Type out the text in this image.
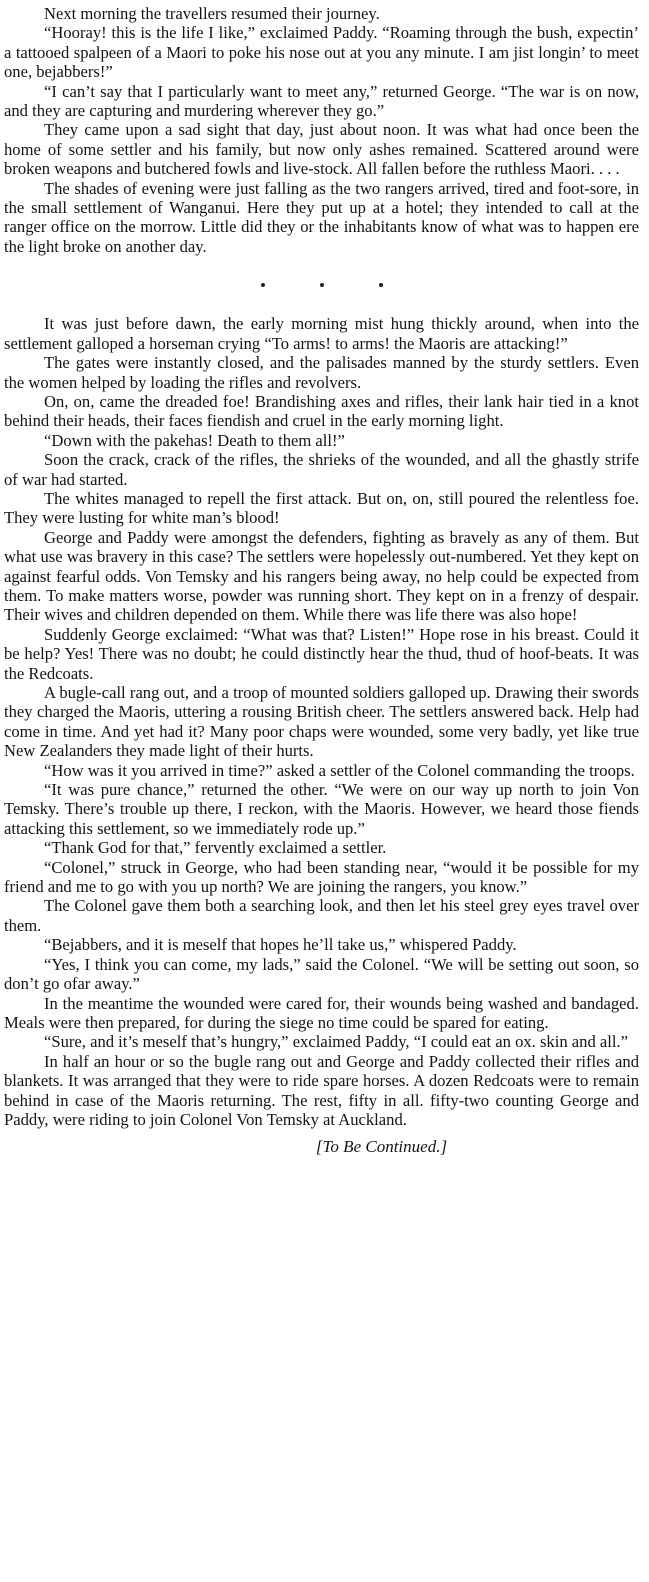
Next morning the travellers resumed their journey.

“Hooray! this is the life I like,” exclaimed Paddy. “Roaming through the bush, expectin’ a tattooed spalpeen of a Maori to poke his nose out at you any minute. I am jist longin’ to meet one, bejabbers!”

“I can’t say that I particularly want to meet any,” returned George. “The war is on now, and they are capturing and murdering wherever they go.”

They came upon a sad sight that day, just about noon. It was what had once been the home of some settler and his family, but now only ashes remained. Scattered around were broken weapons and butchered fowls and live-stock. All fallen before the ruthless Maori. . . .

The shades of evening were just falling as the two rangers arrived, tired and foot-sore, in the small settlement of Wanganui. Here they put up at a hotel; they intended to call at the ranger office on the morrow. Little did they or the inhabitants know of what was to happen ere the light broke on another day.

It was just before dawn, the early morning mist hung thickly around, when into the settlement galloped a horseman crying “To arms! to arms! the Maoris are attacking!”

The gates were instantly closed, and the palisades manned by the sturdy settlers. Even the women helped by loading the rifles and revolvers.

On, on, came the dreaded foe! Brandishing axes and rifles, their lank hair tied in a knot behind their heads, their faces fiendish and cruel in the early morning light.

“Down with the pakehas! Death to them all!”

Soon the crack, crack of the rifles, the shrieks of the wounded, and all the ghastly strife of war had started.

The whites managed to repell the first attack. But on, on, still poured the relentless foe. They were lusting for white man’s blood!

George and Paddy were amongst the defenders, fighting as bravely as any of them. But what use was bravery in this case? The settlers were hopelessly out-numbered. Yet they kept on against fearful odds. Von Temsky and his rangers being away, no help could be expected from them. To make matters worse, powder was running short. They kept on in a frenzy of despair. Their wives and children depended on them. While there was life there was also hope!

Suddenly George exclaimed: “What was that? Listen!” Hope rose in his breast. Could it be help? Yes! There was no doubt; he could distinctly hear the thud, thud of hoof-beats. It was the Redcoats.

A bugle-call rang out, and a troop of mounted soldiers galloped up. Drawing their swords they charged the Maoris, uttering a rousing British cheer. The settlers answered back. Help had come in time. And yet had it? Many poor chaps were wounded, some very badly, yet like true New Zealanders they made light of their hurts.

“How was it you arrived in time?” asked a settler of the Colonel commanding the troops.

“It was pure chance,” returned the other. “We were on our way up north to join Von Temsky. There’s trouble up there, I reckon, with the Maoris. However, we heard those fiends attacking this settlement, so we immediately rode up.”

“Thank God for that,” fervently exclaimed a settler.

“Colonel,” struck in George, who had been standing near, “would it be possible for my friend and me to go with you up north? We are joining the rangers, you know.”

The Colonel gave them both a searching look, and then let his steel grey eyes travel over them.

“Bejabbers, and it is meself that hopes he’ll take us,” whispered Paddy.

“Yes, I think you can come, my lads,” said the Colonel. “We will be setting out soon, so don’t go ofar away.”

In the meantime the wounded were cared for, their wounds being washed and bandaged. Meals were then prepared, for during the siege no time could be spared for eating.

“Sure, and it’s meself that’s hungry,” exclaimed Paddy, “I could eat an ox. skin and all.”

In half an hour or so the bugle rang out and George and Paddy collected their rifles and blankets. It was arranged that they were to ride spare horses. A dozen Redcoats were to remain behind in case of the Maoris returning. The rest, fifty in all. fifty-two counting George and Paddy, were riding to join Colonel Von Temsky at Auckland.

[To Be Continued.]
